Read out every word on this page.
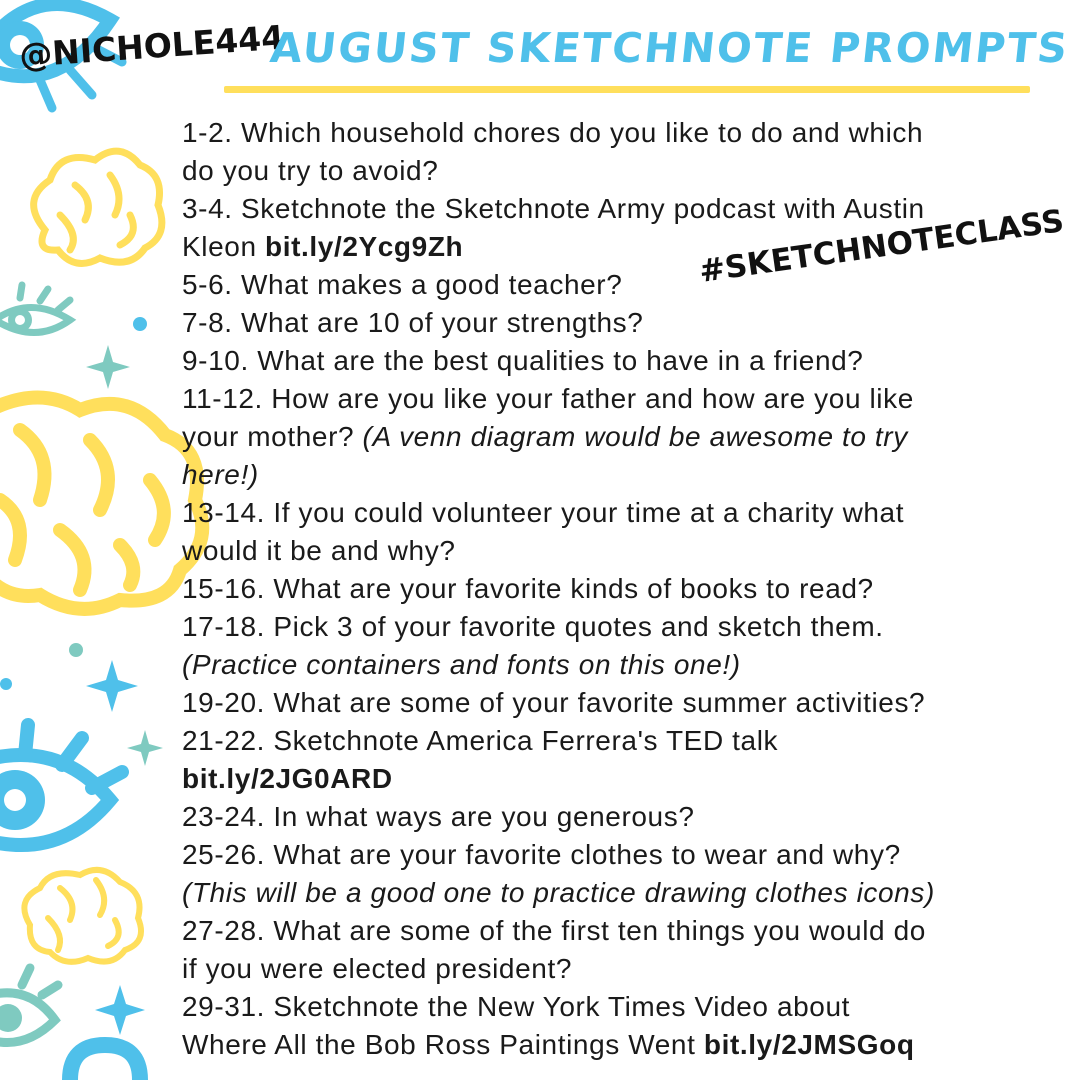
@NICHOLE444
AUGUST SKETCHNOTE PROMPTS
#SKETCHNOTECLASS
1-2. Which household chores do you like to do and which
do you try to avoid?
3-4. Sketchnote the Sketchnote Army podcast with Austin
Kleon bit.ly/2Ycg9Zh
5-6. What makes a good teacher?
7-8. What are 10 of your strengths?
9-10. What are the best qualities to have in a friend?
11-12. How are you like your father and how are you like
your mother? (A venn diagram would be awesome to try
here!)
13-14. If you could volunteer your time at a charity what
would it be and why?
15-16. What are your favorite kinds of books to read?
17-18. Pick 3 of your favorite quotes and sketch them.
(Practice containers and fonts on this one!)
19-20. What are some of your favorite summer activities?
21-22. Sketchnote America Ferrera's TED talk
bit.ly/2JG0ARD
23-24. In what ways are you generous?
25-26. What are your favorite clothes to wear and why?
(This will be a good one to practice drawing clothes icons)
27-28. What are some of the first ten things you would do
if you were elected president?
29-31. Sketchnote the New York Times Video about
Where All the Bob Ross Paintings Went bit.ly/2JMSGoq
